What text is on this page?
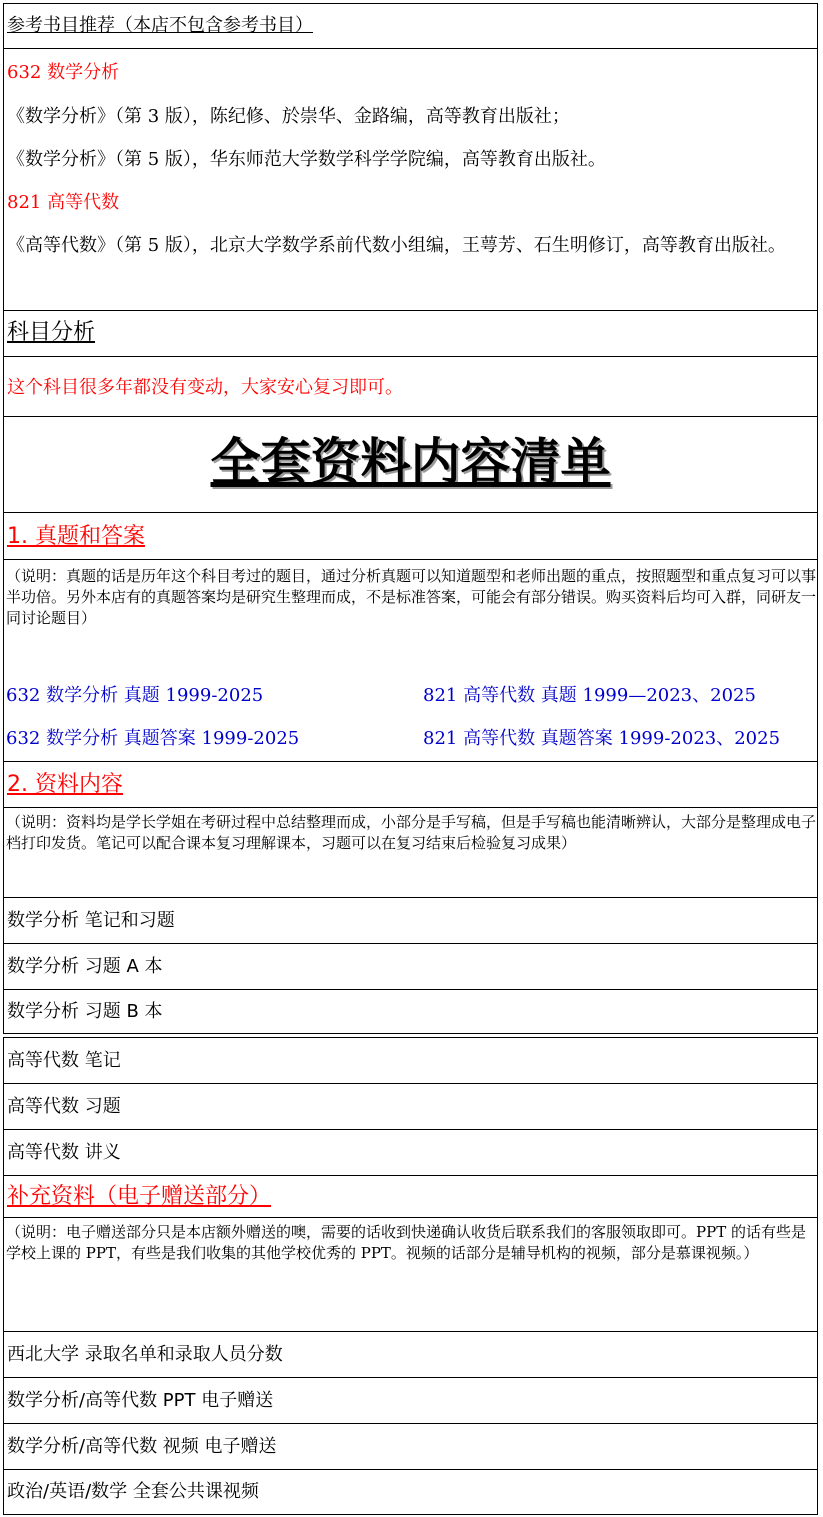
参考书目推荐（本店不包含参考书目）
632 数学分析
《数学分析》（第 3 版），陈纪修、於崇华、金路编，高等教育出版社；
《数学分析》（第 5 版），华东师范大学数学科学学院编，高等教育出版社。
821 高等代数
《高等代数》（第 5 版），北京大学数学系前代数小组编，王萼芳、石生明修订，高等教育出版社。
科目分析
这个科目很多年都没有变动，大家安心复习即可。
全套资料内容清单
1. 真题和答案
（说明：真题的话是历年这个科目考过的题目，通过分析真题可以知道题型和老师出题的重点，按照题型和重点复习可以事半功倍。另外本店有的真题答案均是研究生整理而成，不是标准答案，可能会有部分错误。购买资料后均可入群，同研友一同讨论题目）
632 数学分析 真题 1999-2025	821 高等代数 真题 1999—2023、2025
632 数学分析 真题答案 1999-2025	821 高等代数 真题答案 1999-2023、2025
2. 资料内容
（说明：资料均是学长学姐在考研过程中总结整理而成，小部分是手写稿，但是手写稿也能清晰辨认，大部分是整理成电子档打印发货。笔记可以配合课本复习理解课本，习题可以在复习结束后检验复习成果）
数学分析 笔记和习题
数学分析 习题 A 本
数学分析 习题 B 本
高等代数 笔记
高等代数 习题
高等代数 讲义
补充资料（电子赠送部分）
（说明：电子赠送部分只是本店额外赠送的噢，需要的话收到快递确认收货后联系我们的客服领取即可。PPT 的话有些是学校上课的 PPT，有些是我们收集的其他学校优秀的 PPT。视频的话部分是辅导机构的视频，部分是慕课视频。）
西北大学 录取名单和录取人员分数
数学分析/高等代数 PPT 电子赠送
数学分析/高等代数 视频 电子赠送
政治/英语/数学 全套公共课视频
